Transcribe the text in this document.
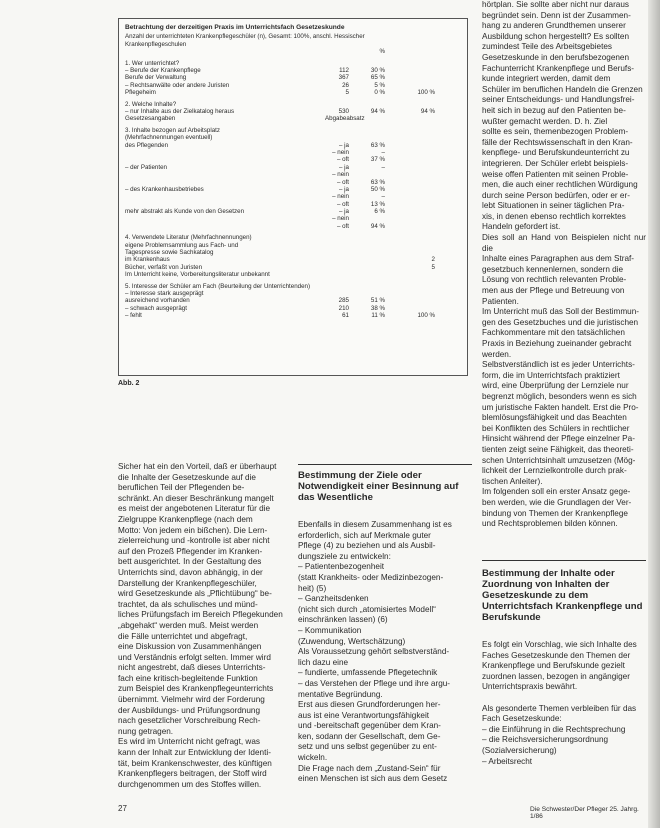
Betrachtung der derzeitigen Praxis im Unterrichtsfach Gesetzeskunde
Anzahl der unterrichteten Krankenpflegeschüler (n), Gesamt: 100%, anschl. Hessischer
Krankenpflegeschulen
%
1. Wer unterrichtet?
– Berufe der Krankenpflege	112	30 %
Berufe der Verwaltung	367	65 %
– Rechtsanwälte oder andere Juristen	26	5 %
Pflegeheim	5	0 %	100 %
2. Welche Inhalte?
– nur Inhalte aus der Zielkatalog heraus	530	94 %	94 %
Gesetzesangaben	Abgabeabsatz
3. Inhalte bezogen auf Arbeitsplatz
(Mehrfachnennungen eventuell)
des Pflegenden	– ja	63 %
– nein	–
– oft	37 %
– der Patienten	– ja	–
– nein
– oft	63 %
– des Krankenhausbetriebes	– ja	50 %
– nein	–
– oft	13 %
mehr abstrakt als Kunde von den Gesetzen	– ja	6 %
– nein
– oft	94 %
4. Verwendete Literatur (Mehrfachnennungen)
eigene Problemsammlung aus Fach- und
Tagespresse sowie Sachkatalog
im Krankenhaus	2
Bücher, verfaßt von Juristen	5
Im Unterricht keine, Vorbereitungsliteratur unbekannt
5. Interesse der Schüler am Fach (Beurteilung der Unterrichtenden)
– Interesse stark ausgeprägt
ausreichend vorhanden	285	51 %
– schwach ausgeprägt	210	38 %
– fehlt	61	11 %	100 %
Abb. 2

hörtplan. Sie sollte aber nicht nur daraus

begründet sein. Denn ist der Zusammen-

hang zu anderen Grundthemen unserer

Ausbildung schon hergestellt? Es sollten

zumindest Teile des Arbeitsgebietes

Gesetzeskunde in den berufsbezogenen

Fachunterricht Krankenpflege und Berufs-

kunde integriert werden, damit dem

Schüler im beruflichen Handeln die Grenzen

seiner Entscheidungs- und Handlungsfrei-

heit sich in bezug auf den Patienten be-

wußter gemacht werden. D. h. Ziel

sollte es sein, themenbezogen Problem-

fälle der Rechtswissenschaft in den Kran-

kenpflege- und Berufskundeunterricht zu

integrieren. Der Schüler erlebt beispiels-

weise offen Patienten mit seinen Proble-

men, die auch einer rechtlichen Würdigung

durch seine Person bedürfen, oder er er-

lebt Situationen in seiner täglichen Pra-

xis, in denen ebenso rechtlich korrektes

Handeln gefordert ist.

Dies soll an Hand von Beispielen nicht nur die

Inhalte eines Paragraphen aus dem Straf-

gesetzbuch kennenlernen, sondern die

Lösung von rechtlich relevanten Proble-

men aus der Pflege und Betreuung von

Patienten.

Im Unterricht muß das Soll der Bestimmun-

gen des Gesetzbuches und die juristischen

Fachkommentare mit den tatsächlichen

Praxis in Beziehung zueinander gebracht

werden.

Selbstverständlich ist es jeder Unterrichts-

form, die im Unterrichtsfach praktiziert

wird, eine Überprüfung der Lernziele nur

begrenzt möglich, besonders wenn es sich

um juristische Fakten handelt. Erst die Pro-

blemlösungsfähigkeit und das Beachten

bei Konflikten des Schülers in rechtlicher

Hinsicht während der Pflege einzelner Pa-

tienten zeigt seine Fähigkeit, das theoreti-

schen Unterrichtsinhalt umzusetzen (Mög-

lichkeit der Lernzielkontrolle durch prak-

tischen Anleiter).

Im folgenden soll ein erster Ansatz gege-

ben werden, wie die Grundlagen der Ver-

bindung von Themen der Krankenpflege

und Rechtsproblemen bilden können.

Sicher hat ein den Vorteil, daß er überhaupt

die Inhalte der Gesetzeskunde auf die

beruflichen Teil der Pflegenden be-

schränkt. An dieser Beschränkung mangelt

es meist der angebotenen Literatur für die

Zielgruppe Krankenpflege (nach dem

Motto: Von jedem ein bißchen). Die Lern-

zielerreichung und -kontrolle ist aber nicht

auf den Prozeß Pflegender im Kranken-

bett ausgerichtet. In der Gestaltung des

Unterrichts sind, davon abhängig, in der

Darstellung der Krankenpflegeschüler,

wird Gesetzeskunde als „Pflichtübung“ be-

trachtet, da als schulisches und münd-

liches Prüfungsfach im Bereich Pflegekunden

„abgehakt“ werden muß. Meist werden

die Fälle unterrichtet und abgefragt,

eine Diskussion von Zusammenhängen

und Verständnis erfolgt selten. Immer wird

nicht angestrebt, daß dieses Unterrichts-

fach eine kritisch-begleitende Funktion

zum Beispiel des Krankenpflegeunterrichts

übernimmt. Vielmehr wird der Forderung

der Ausbildungs- und Prüfungsordnung

nach gesetzlicher Vorschreibung Rech-

nung getragen.

Es wird im Unterricht nicht gefragt, was

kann der Inhalt zur Entwicklung der Identi-

tät, beim Krankenschwester, des künftigen

Krankenpflegers beitragen, der Stoff wird

durchgenommen um des Stoffes willen.

Bestimmung der Ziele oder Notwendigkeit einer Besinnung auf das Wesentliche

Ebenfalls in diesem Zusammenhang ist es

erforderlich, sich auf Merkmale guter

Pflege (4) zu beziehen und als Ausbil-

dungsziele zu entwickeln:

– Patientenbezogenheit

(statt Krankheits- oder Medizinbezogen-

heit) (5)

– Ganzheitsdenken

(nicht sich durch „atomisiertes Modell“

einschränken lassen) (6)

– Kommunikation

(Zuwendung, Wertschätzung)

Als Voraussetzung gehört selbstverständ-

lich dazu eine

– fundierte, umfassende Pflegetechnik

– das Verstehen der Pflege und ihre argu-

mentative Begründung.

Erst aus diesen Grundforderungen her-

aus ist eine Verantwortungsfähigkeit

und -bereitschaft gegenüber dem Kran-

ken, sodann der Gesellschaft, dem Ge-

setz und uns selbst gegenüber zu ent-

wickeln.

Die Frage nach dem „Zustand-Sein“ für

einen Menschen ist sich aus dem Gesetz

Bestimmung der Inhalte oder Zuordnung von Inhalten der Gesetzeskunde zu dem Unterrichtsfach Krankenpflege und Berufskunde

Es folgt ein Vorschlag, wie sich Inhalte des

Faches Gesetzeskunde den Themen der

Krankenpflege und Berufskunde gezielt

zuordnen lassen, bezogen in angängiger

Unterrichtspraxis bewährt.

Als gesonderte Themen verbleiben für das

Fach Gesetzeskunde:

– die Einführung in die Rechtsprechung

– die Reichsversicherungsordnung

(Sozialversicherung)

– Arbeitsrecht

27	Die Schwester/Der Pfleger 25. Jahrg. 1/86
